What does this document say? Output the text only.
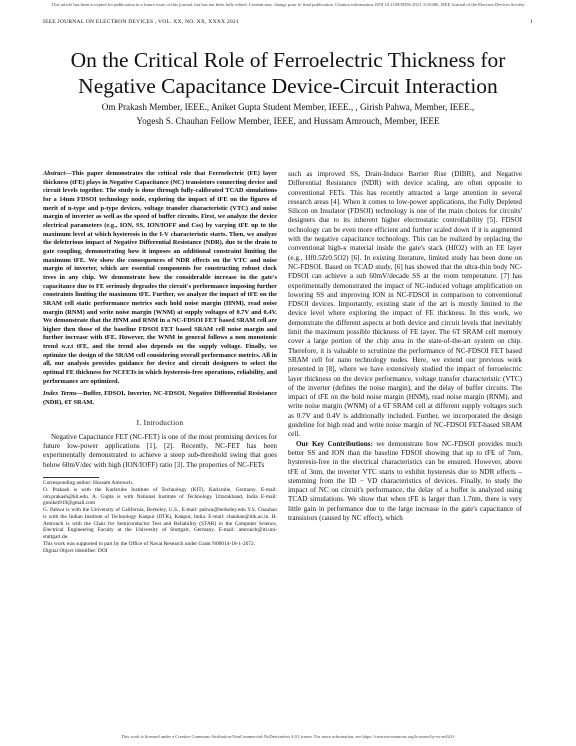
This article has been accepted for publication in a future issue of this journal, but has not been fully edited. Content may change prior to final publication. Citation information: DOI 10.1109/JEDS.2021.3110486, IEEE Journal of the Electron Devices Society
IEEE JOURNAL ON ELECTRON DEVICES , VOL. XX, NO. XX, XXXX 2021	1
On the Critical Role of Ferroelectric Thickness for Negative Capacitance Device-Circuit Interaction
Om Prakash Member, IEEE., Aniket Gupta Student Member, IEEE., , Girish Pahwa, Member, IEEE.,
Yogesh S. Chauhan Fellow Member, IEEE, and Hussam Amrouch, Member, IEEE

Abstract—This paper demonstrates the critical role that Ferroelectric (FE) layer thickness (tFE) plays in Negative Capacitance (NC) transistors connecting device and circuit levels together. The study is done through fully-calibrated TCAD simulations for a 14nm FDSOI technology node, exploring the impact of tFE on the figures of merit of n-type and p-type devices, voltage transfer characteristic (VTC) and noise margin of inverter as well as the speed of buffer circuits. First, we analyze the device electrical parameters (e.g., ION, SS, ION/IOFF and Css) by varying tFE up to the maximum level at which hysteresis in the I-V characteristic starts. Then, we analyze the deleterious impact of Negative Differential Resistance (NDR), due to the drain to gate coupling, demonstrating how it imposes an additional constraint limiting the maximum tFE. We show the consequences of NDR effects on the VTC and noise margin of inverter, which are essential components for constructing robust clock trees in any chip. We demonstrate how the considerable increase in the gate's capacitance due to FE seriously degrades the circuit's performance imposing further constraints limiting the maximum tFE. Further, we analyze the impact of tFE on the SRAM cell static performance metrics such hold noise margin (HNM), read noise margin (RNM) and write noise margin (WNM) at supply voltages of 0.7V and 0.4V. We demonstrate that the HNM and RNM in a NC-FDSOI FET based SRAM cell are higher then those of the baseline FDSOI FET based SRAM cell noise margin and further increase with tFE. However, the WNM in general follows a non monotonic trend w.r.t tFE, and the trend also depends on the supply voltage. Finally, we optimize the design of the SRAM cell considering overall performance metrics. All in all, our analysis provides guidance for device and circuit designers to select the optimal FE thickness for NCFETs in which hysteresis-free operations, reliability, and performance are optimized.

Index Terms—Buffer, FDSOI, Inverter, NC-FDSOI, Negative Differential Resistance (NDR), 6T SRAM.

I. Introduction

Negative Capacitance FET (NC-FET) is one of the most promising devices for future low-power applications [1], [2]. Recently, NC-FET has been experimentally demonstrated to achieve a steep sub-threshold swing that goes below 60mV/dec with high (ION/IOFF) ratio [3]. The properties of NC-FETs

Corresponding author: Hussam Amrouch.

O. Prakash is with the Karlsruhe Institute of Technology (KIT), Karlsruhe, Germany. E-mail: om.prakash@kit.edu. A. Gupta is with National Institute of Technology Uttarakhand, India E-mail: guniket919@gmail.com

G. Pahwa is with the University of California, Berkeley, U.S., E-mail: pahwa@berkeley.edu Y.S. Chauhan is with the Indian Institute of Technology Kanpur (IITK), Kanpur, India. E-mail: chauhan@iitk.ac.in. H. Amrouch is with the Chair for Semiconductor Test and Reliability (STAR) in the Computer Science, Electrical Engineering Faculty at the University of Stuttgart, Germany. E-mail: amrouch@iti.uni-stuttgart.de.

This work was supported in part by the Office of Naval Research under Grant N00014-18-1-2672.

Digital Object Identifier: DOI

such as improved SS, Drain-Induce Barrier Rise (DIBR), and Negative Differential Resistance (NDR) with device scaling, are often opposite to conventional FETs. This has recently attracted a large attention in several research areas [4]. When it comes to low-power applications, the Fully Depleted Silicon on Insulator (FDSOI) technology is one of the main choices for circuits' designers due to its inherent higher electrostatic controllability [5]. FDSOI technology can be even more efficient and further scaled down if it is augmented with the negative capacitance technology. This can be realized by replacing the conventional high-κ material inside the gate's stack (HfO2) with an FE layer (e.g., Hf0.5Zr0.5O2) [6]. In existing literature, limited study has been done on NC-FDSOI. Based on TCAD study, [6] has showed that the ultra-thin body NC-FDSOI can achieve a sub 60mV/decade SS at the room temperature. [7] has experimentally demonstrated the impact of NC-induced voltage amplification on lowering SS and improving ION in NC-FDSOI in comparison to conventional FDSOI devices. Importantly, existing state of the art is mostly limited to the device level where exploring the impact of FE thickness. In this work, we demonstrate the different aspects at both device and circuit levels that inevitably limit the maximum possible thickness of FE layer. The 6T SRAM cell memory cover a large portion of the chip area in the state-of-the-art system on chip. Therefore, it is valuable to scrutinize the performance of NC-FDSOI FET based SRAM cell for nano technology nodes. Here, we extend our previous work presented in [8], where we have extensively studied the impact of ferroelectric layer thickness on the device performance, voltage transfer characteristic (VTC) of the inverter (defines the noise margin), and the delay of buffer circuits. The impact of tFE on the hold noise margin (HNM), read noise margin (RNM), and write noise margin (WNM) of a 6T SRAM cell at different supply voltages such as 0.7V and 0.4V is additionally included. Further, we incorporated the design guideline for high read and write noise margin of NC-FDSOI FET-based SRAM cell.

Our Key Contributions: we demonstrate how NC-FDSOI provides much better SS and ION than the baseline FDSOI showing that up to tFE of 7nm, hysteresis-free in the electrical characteristics can be ensured. However, above tFE of 3nm, the inverter VTC starts to exhibit hysteresis due to NDR effects – stemming from the ID − VD characteristics of devices. Finally, to study the impact of NC on circuit's performance, the delay of a buffer is analyzed using TCAD simulations. We show that when tFE is larger than 1.7nm, there is very little gain in performance due to the large increase in the gate's capacitance of transistors (caused by NC effect), which

This work is licensed under a Creative Commons Attribution-NonCommercial-NoDerivatives 4.0 License. For more information, see https://creativecommons.org/licenses/by-nc-nd/4.0/
